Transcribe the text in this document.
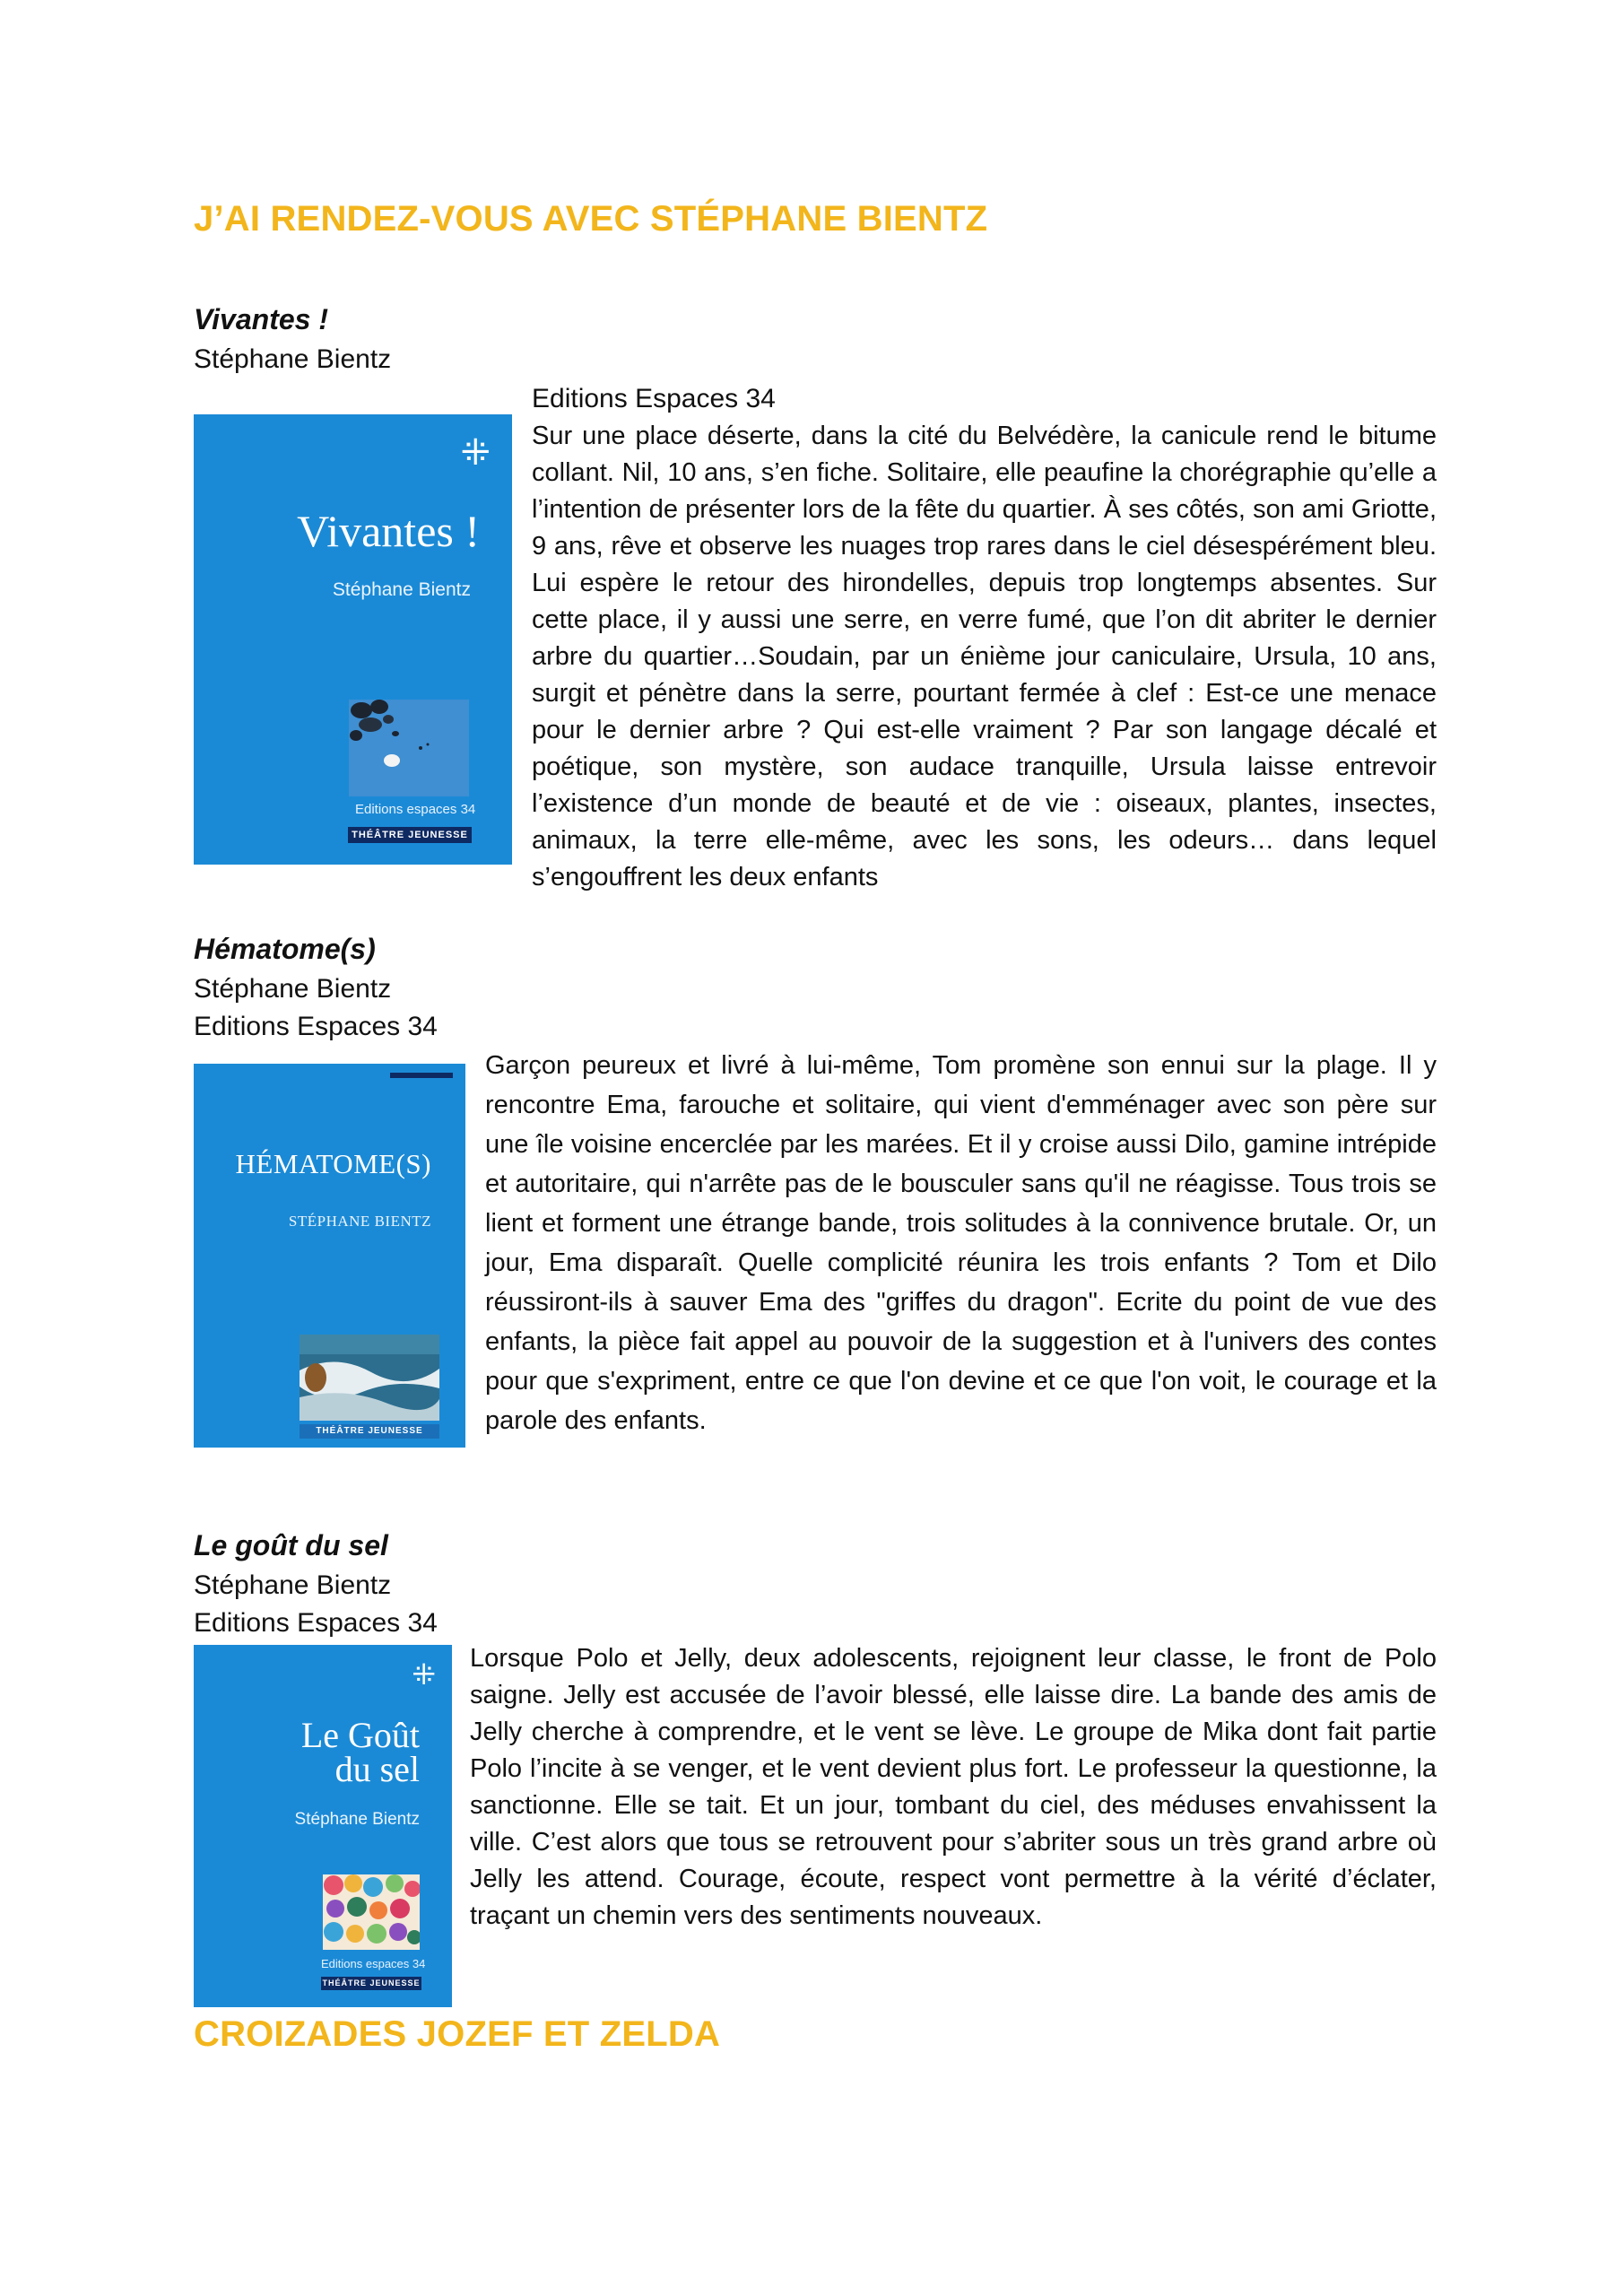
J’AI RENDEZ-VOUS AVEC STÉPHANE BIENTZ

Vivantes !

Stéphane Bientz

Editions Espaces 34

⁜
Vivantes !
Stéphane Bientz
Editions espaces 34
THÉÂTRE JEUNESSE

Sur une place déserte, dans la cité du Belvédère, la canicule rend le bitume collant. Nil, 10 ans, s’en fiche. Solitaire, elle peaufine la chorégraphie qu’elle a l’intention de présenter lors de la fête du quartier. À ses côtés, son ami Griotte, 9 ans, rêve et observe les nuages trop rares dans le ciel désespérément bleu. Lui espère le retour des hirondelles, depuis trop longtemps absentes. Sur cette place, il y aussi une serre, en verre fumé, que l’on dit abriter le dernier arbre du quartier…Soudain, par un énième jour caniculaire, Ursula, 10 ans, surgit et pénètre dans la serre, pourtant fermée à clef : Est-ce une menace pour le dernier arbre ? Qui est-elle vraiment ? Par son langage décalé et poétique, son mystère, son audace tranquille, Ursula laisse entrevoir l’existence d’un monde de beauté et de vie : oiseaux, plantes, insectes, animaux, la terre elle-même, avec les sons, les odeurs… dans lequel s’engouffrent les deux enfants

Hématome(s)

Stéphane Bientz

Editions Espaces 34

HÉMATOME(S)
STÉPHANE BIENTZ
THÉÂTRE JEUNESSE

Garçon peureux et livré à lui-même, Tom promène son ennui sur la plage. Il y rencontre Ema, farouche et solitaire, qui vient d'emménager avec son père sur une île voisine encerclée par les marées. Et il y croise aussi Dilo, gamine intrépide et autoritaire, qui n'arrête pas de le bousculer sans qu'il ne réagisse. Tous trois se lient et forment une étrange bande, trois solitudes à la connivence brutale. Or, un jour, Ema disparaît. Quelle complicité réunira les trois enfants ? Tom et Dilo réussiront-ils à sauver Ema des "griffes du dragon". Ecrite du point de vue des enfants, la pièce fait appel au pouvoir de la suggestion et à l'univers des contes pour que s'expriment, entre ce que l'on devine et ce que l'on voit, le courage et la parole des enfants.

Le goût du sel

Stéphane Bientz

Editions Espaces 34

⁜
Le Goût
du sel
Stéphane Bientz
Editions espaces 34
THÉÂTRE JEUNESSE

Lorsque Polo et Jelly, deux adolescents, rejoignent leur classe, le front de Polo saigne. Jelly est accusée de l’avoir blessé, elle laisse dire. La bande des amis de Jelly cherche à comprendre, et le vent se lève. Le groupe de Mika dont fait partie Polo l’incite à se venger, et le vent devient plus fort. Le professeur la questionne, la sanctionne. Elle se tait. Et un jour, tombant du ciel, des méduses envahissent la ville. C’est alors que tous se retrouvent pour s’abriter sous un très grand arbre où Jelly les attend. Courage, écoute, respect vont permettre à la vérité d’éclater, traçant un chemin vers des sentiments nouveaux.

CROIZADES JOZEF ET ZELDA
